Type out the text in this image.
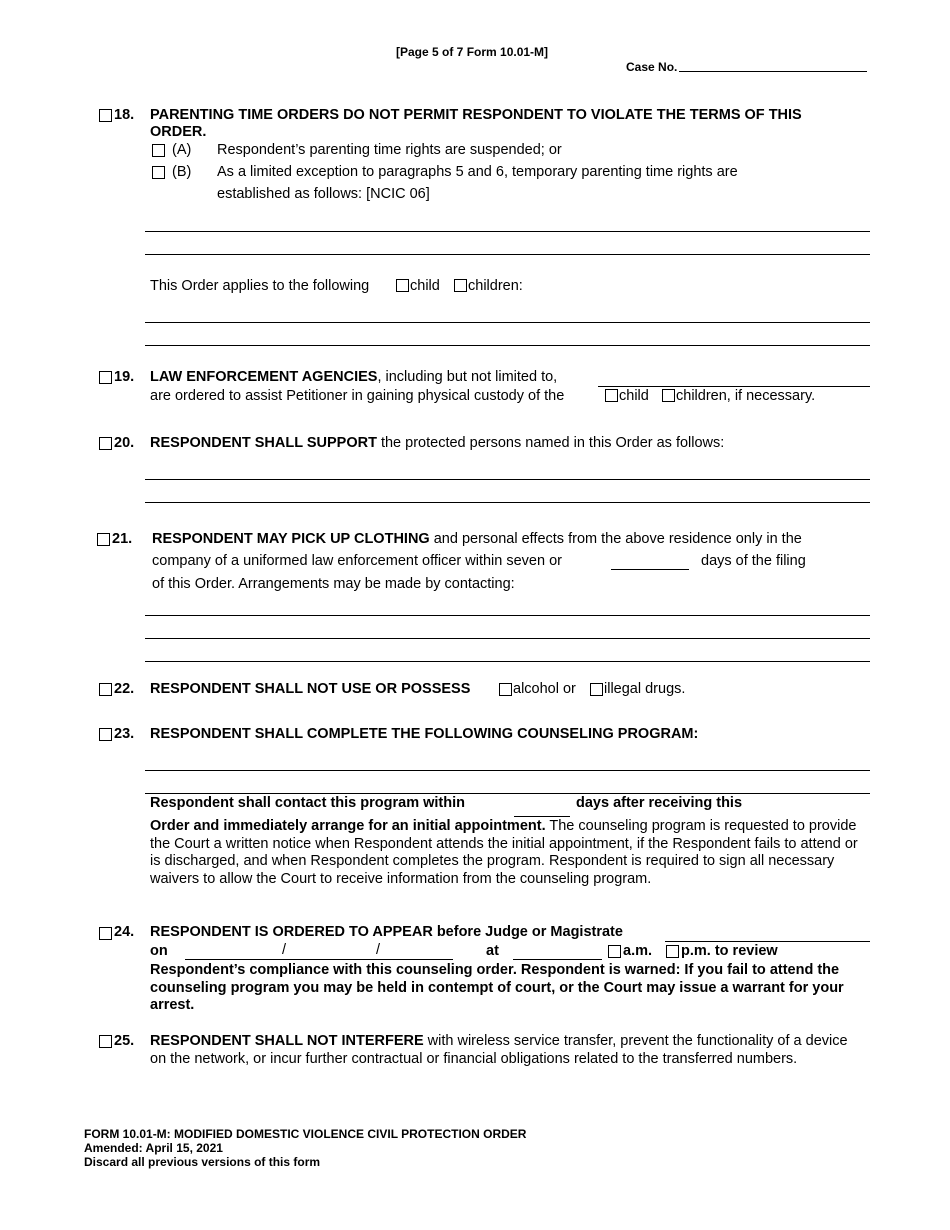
[Page 5 of 7 Form 10.01-M]
Case No.
18. PARENTING TIME ORDERS DO NOT PERMIT RESPONDENT TO VIOLATE THE TERMS OF THIS
ORDER.
(A) Respondent’s parenting time rights are suspended; or
(B) As a limited exception to paragraphs 5 and 6, temporary parenting time rights are
established as follows: [NCIC 06]
This Order applies to the following	child children:
19. LAW ENFORCEMENT AGENCIES, including but not limited to,
are ordered to assist Petitioner in gaining physical custody of the	child children, if necessary.
20. RESPONDENT SHALL SUPPORT the protected persons named in this Order as follows:
21. RESPONDENT MAY PICK UP CLOTHING and personal effects from the above residence only in the
company of a uniformed law enforcement officer within seven or	days of the filing
of this Order. Arrangements may be made by contacting:
22. RESPONDENT SHALL NOT USE OR POSSESS	alcohol or illegal drugs.
23. RESPONDENT SHALL COMPLETE THE FOLLOWING COUNSELING PROGRAM:
Respondent shall contact this program within	days after receiving this
Order and immediately arrange for an initial appointment. The counseling program is requested to provide the Court a written notice when Respondent attends the initial appointment, if the Respondent fails to attend or is discharged, and when Respondent completes the program. Respondent is required to sign all necessary waivers to allow the Court to receive information from the counseling program.
24. RESPONDENT IS ORDERED TO APPEAR before Judge or Magistrate
on	/	/	at	a.m. p.m. to review
Respondent’s compliance with this counseling order. Respondent is warned: If you fail to attend the counseling program you may be held in contempt of court, or the Court may issue a warrant for your arrest.
25. RESPONDENT SHALL NOT INTERFERE with wireless service transfer, prevent the functionality of a device on the network, or incur further contractual or financial obligations related to the transferred numbers.
FORM 10.01-M: MODIFIED DOMESTIC VIOLENCE CIVIL PROTECTION ORDER
Amended: April 15, 2021
Discard all previous versions of this form
